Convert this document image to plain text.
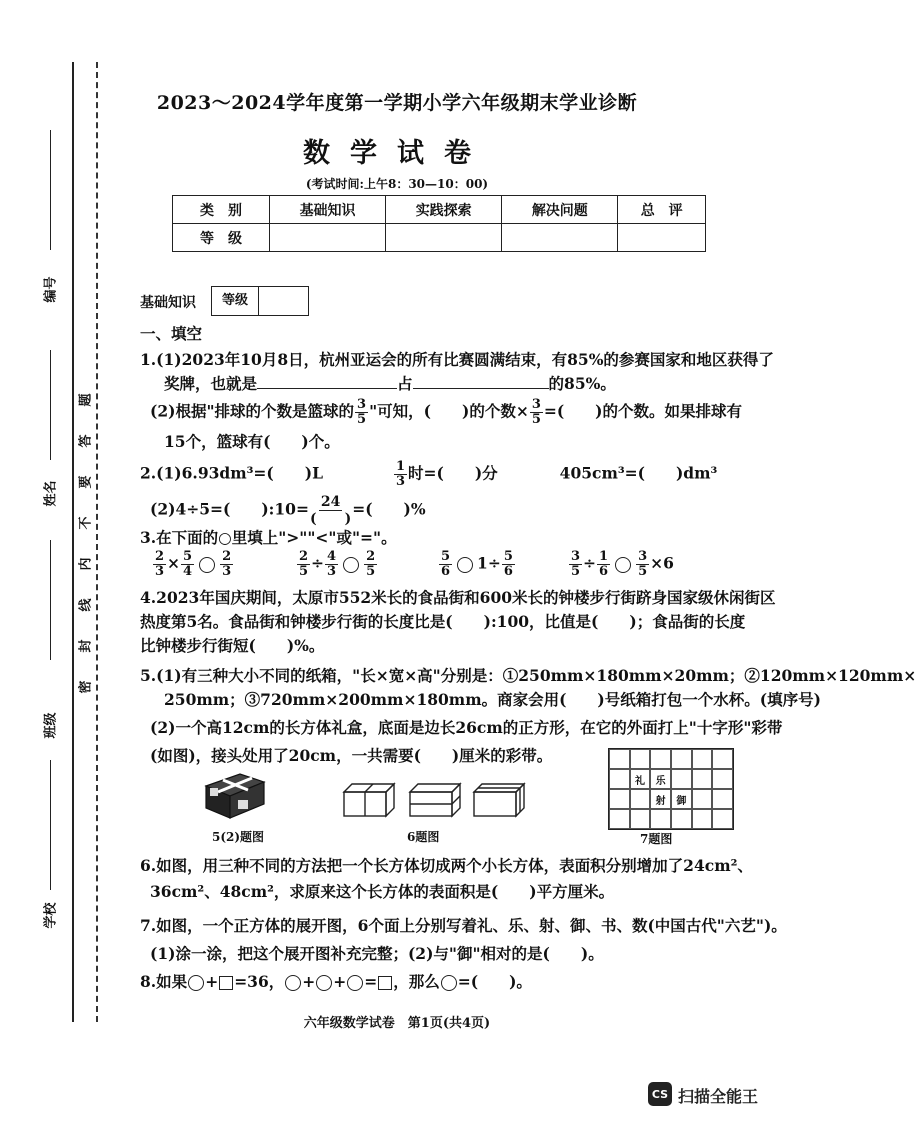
编号
姓名
班级
学校
密封线内不要答题
2023～2024学年度第一学期小学六年级期末学业诊断
数学试卷
(考试时间:上午8：30—10：00)
类　别	基础知识	实践探索	解决问题	总　评
等　级				
基础知识	等级
一、填空
1.(1)2023年10月8日，杭州亚运会的所有比赛圆满结束，有85%的参赛国家和地区获得了
奖牌，也就是	占	的85%。
(2)根据"排球的个数是篮球的 $\frac{3}{5}$ "可知，(　　)的个数× $\frac{3}{5}$ =(　　)的个数。如果排球有
15个，篮球有(　　)个。
2.(1)6.93dm³=(　　)L	$\frac{1}{3}$ 时=(　　)分	405cm³=(　　)dm³
(2)4÷5=(　　):10= $\frac{24}{( )}$ =(　　)%
3.在下面的○里填上">""<"或"="。
$\frac{2}{3} \times \frac{5}{4} \frac{2}{3}$	$\frac{2}{5} \div \frac{4}{3} \frac{2}{5}$	$\frac{5}{6} 1\div \frac{5}{6}$	$\frac{3}{5} \div \frac{1}{6} \frac{3}{5} \times 6$
4.2023年国庆期间，太原市552米长的食品街和600米长的钟楼步行街跻身国家级休闲街区
热度第5名。食品街和钟楼步行街的长度比是(　　):100，比值是(　　)；食品街的长度
比钟楼步行街短(　　)%。
5.(1)有三种大小不同的纸箱，"长×宽×高"分别是：①250mm×180mm×20mm；②120mm×120mm×
250mm；③720mm×200mm×180mm。商家会用(　　)号纸箱打包一个水杯。(填序号)
(2)一个高12cm的长方体礼盒，底面是边长26cm的正方形，在它的外面打上"十字形"彩带
(如图)，接头处用了20cm，一共需要(　　)厘米的彩带。
5(2)题图	6题图
礼	乐
射	御
7题图
6.如图，用三种不同的方法把一个长方体切成两个小长方体，表面积分别增加了24cm²、
36cm²、48cm²，求原来这个长方体的表面积是(　　)平方厘米。
7.如图，一个正方体的展开图，6个面上分别写着礼、乐、射、御、书、数(中国古代"六艺")。
(1)涂一涂，把这个展开图补充完整；(2)与"御"相对的是(　　)。
8.如果 + =36， + + = ，那么 =(　　)。
六年级数学试卷　第1页(共4页)
CS 扫描全能王
